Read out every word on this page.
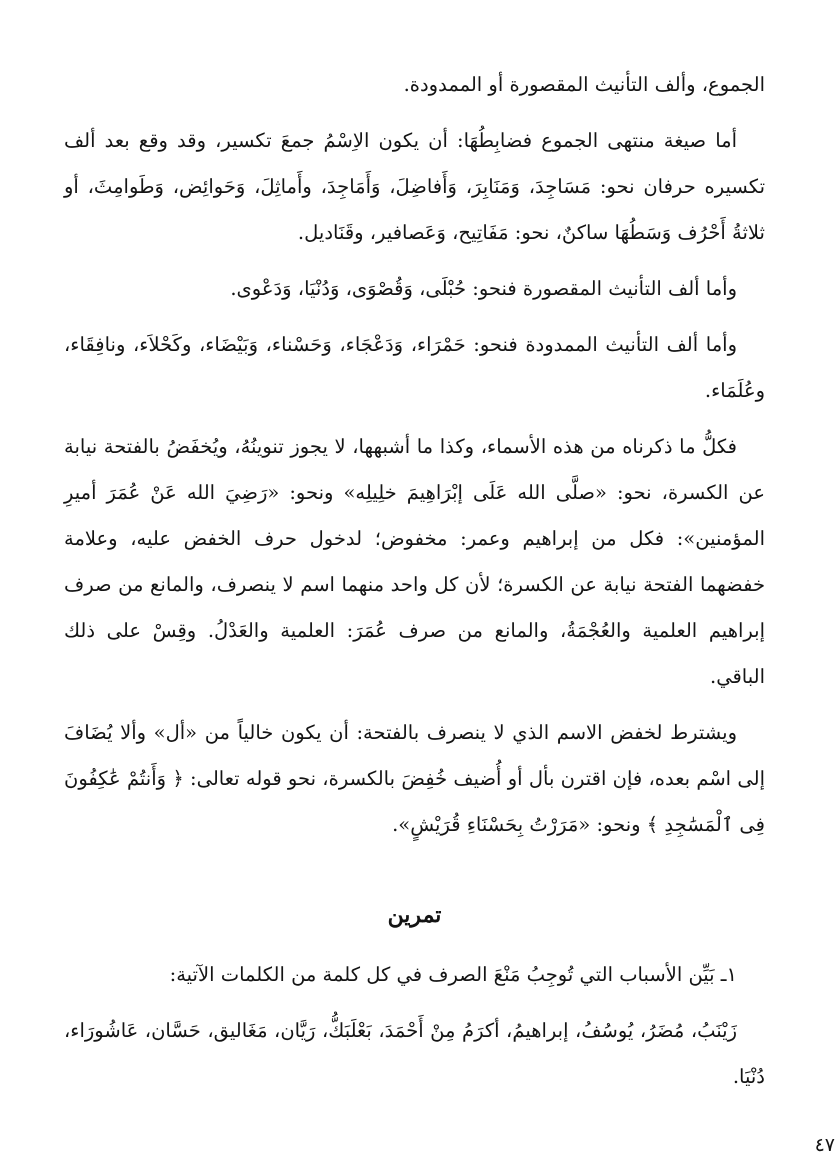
الجموع، وألف التأنيث المقصورة أو الممدودة.

أما صيغة منتهى الجموع فضابِطُهَا: أن يكون الاِسْمُ جمعَ تكسير، وقد وقع بعد ألف تكسيره حرفان نحو: مَسَاجِدَ، وَمَنَابِرَ، وَأَفاضِلَ، وَأَمَاجِدَ، وأَماثِلَ، وَحَوائِض، وَطَوامِثَ، أو ثلاثةُ أَحْرُف وَسَطُهَا ساكنٌ، نحو: مَفَاتِيح، وَعَصافير، وقَنَاديل.

وأما ألف التأنيث المقصورة فنحو: حُبْلَى، وَقُصْوَى، وَدُنْيَا، وَدَعْوى.

وأما ألف التأنيث الممدودة فنحو: حَمْرَاء، وَدَعْجَاء، وَحَسْناء، وَبَيْضَاء، وكَحْلاَء، ونافِقَاء، وعُلَمَاء.

فكلُّ ما ذكرناه من هذه الأسماء، وكذا ما أشبهها، لا يجوز تنوينُهُ، ويُخفَضُ بالفتحة نيابة عن الكسرة، نحو: «صلَّى الله عَلَى إبْرَاهِيمَ خلِيلِه» ونحو: «رَضِيَ الله عَنْ عُمَرَ أميرِ المؤمنين»: فكل من إبراهيم وعمر: مخفوض؛ لدخول حرف الخفض عليه، وعلامة خفضهما الفتحة نيابة عن الكسرة؛ لأن كل واحد منهما اسم لا ينصرف، والمانع من صرف إبراهيم العلمية والعُجْمَةُ، والمانع من صرف عُمَرَ: العلمية والعَدْلُ. وقِسْ على ذلك الباقي.

ويشترط لخفض الاسم الذي لا ينصرف بالفتحة: أن يكون خالياً من «أل» وألا يُضَافَ إلى اسْم بعده، فإن اقترن بأل أو أُضيف خُفِضَ بالكسرة، نحو قوله تعالى: ﴿ وَأَنتُمْ عَٰكِفُونَ فِى ٱلْمَسَٰجِدِ ﴾ ونحو: «مَرَرْتُ بِحَسْنَاءِ قُرَيْشٍ».

تمرين

١ـ بَيِّن الأسباب التي تُوجِبُ مَنْعَ الصرف في كل كلمة من الكلمات الآتية:

زَيْنَبُ، مُضَرُ، يُوسُفُ، إبراهيمُ، أكرَمُ مِنْ أَحْمَدَ، بَعْلَبَكُّ، رَيَّان، مَغَاليق، حَسَّان، عَاشُورَاء، دُنْيَا.

٤٧
